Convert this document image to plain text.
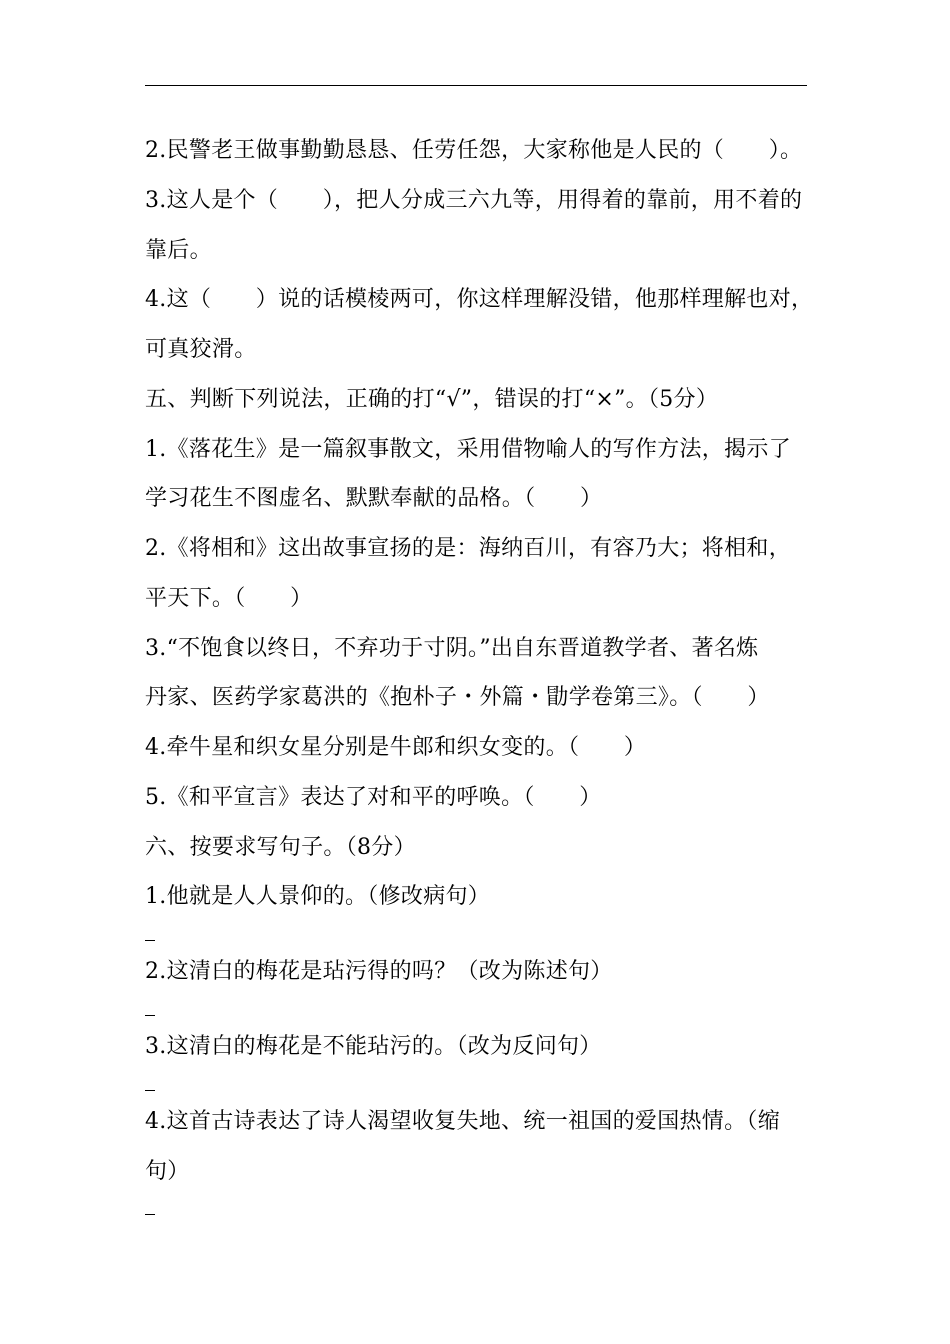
2.民警老王做事勤勤恳恳、任劳任怨，大家称他是人民的（　　）。
3.这人是个（　　），把人分成三六九等，用得着的靠前，用不着的
靠后。
4.这（　　）说的话模棱两可，你这样理解没错，他那样理解也对，
可真狡滑。
五、判断下列说法，正确的打“√”，错误的打“×”。（5分）
1.《落花生》是一篇叙事散文，采用借物喻人的写作方法，揭示了
学习花生不图虚名、默默奉献的品格。（　　）
2.《将相和》这出故事宣扬的是：海纳百川，有容乃大；将相和，
平天下。（　　）
3.“不饱食以终日，不弃功于寸阴。”出自东晋道教学者、著名炼
丹家、医药学家葛洪的《抱朴子・外篇・勖学卷第三》。（　　）
4.牵牛星和织女星分别是牛郎和织女变的。（　　）
5.《和平宣言》表达了对和平的呼唤。（　　）
六、按要求写句子。（8分）
1.他就是人人景仰的。（修改病句）
2.这清白的梅花是玷污得的吗？（改为陈述句）
3.这清白的梅花是不能玷污的。（改为反问句）
4.这首古诗表达了诗人渴望收复失地、统一祖国的爱国热情。（缩
句）
